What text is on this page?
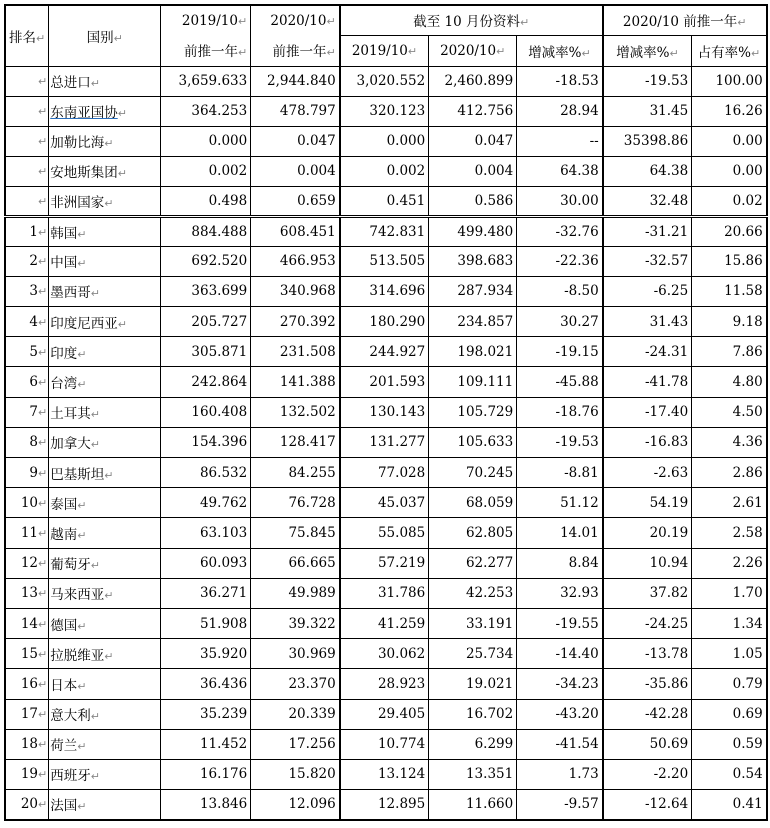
排名↵	国别↵	2019/10↵	2020/10↵	截至 10 月份资料↵			2020/10 前推一年↵	
		前推一年↵	前推一年↵	2019/10↵	2020/10↵	增减率%↵	增减率%↵	占有率%↵
↵	总进口↵	3,659.633	2,944.840	3,020.552	2,460.899	-18.53	-19.53	100.00
↵	东南亚国协↵	364.253	478.797	320.123	412.756	28.94	31.45	16.26
↵	加勒比海↵	0.000	0.047	0.000	0.047	--	35398.86	0.00
↵	安地斯集团↵	0.002	0.004	0.002	0.004	64.38	64.38	0.00
↵	非洲国家↵	0.498	0.659	0.451	0.586	30.00	32.48	0.02
1↵	韩国↵	884.488	608.451	742.831	499.480	-32.76	-31.21	20.66
2↵	中国↵	692.520	466.953	513.505	398.683	-22.36	-32.57	15.86
3↵	墨西哥↵	363.699	340.968	314.696	287.934	-8.50	-6.25	11.58
4↵	印度尼西亚↵	205.727	270.392	180.290	234.857	30.27	31.43	9.18
5↵	印度↵	305.871	231.508	244.927	198.021	-19.15	-24.31	7.86
6↵	台湾↵	242.864	141.388	201.593	109.111	-45.88	-41.78	4.80
7↵	土耳其↵	160.408	132.502	130.143	105.729	-18.76	-17.40	4.50
8↵	加拿大↵	154.396	128.417	131.277	105.633	-19.53	-16.83	4.36
9↵	巴基斯坦↵	86.532	84.255	77.028	70.245	-8.81	-2.63	2.86
10↵	泰国↵	49.762	76.728	45.037	68.059	51.12	54.19	2.61
11↵	越南↵	63.103	75.845	55.085	62.805	14.01	20.19	2.58
12↵	葡萄牙↵	60.093	66.665	57.219	62.277	8.84	10.94	2.26
13↵	马来西亚↵	36.271	49.989	31.786	42.253	32.93	37.82	1.70
14↵	德国↵	51.908	39.322	41.259	33.191	-19.55	-24.25	1.34
15↵	拉脱维亚↵	35.920	30.969	30.062	25.734	-14.40	-13.78	1.05
16↵	日本↵	36.436	23.370	28.923	19.021	-34.23	-35.86	0.79
17↵	意大利↵	35.239	20.339	29.405	16.702	-43.20	-42.28	0.69
18↵	荷兰↵	11.452	17.256	10.774	6.299	-41.54	50.69	0.59
19↵	西班牙↵	16.176	15.820	13.124	13.351	1.73	-2.20	0.54
20↵	法国↵	13.846	12.096	12.895	11.660	-9.57	-12.64	0.41
